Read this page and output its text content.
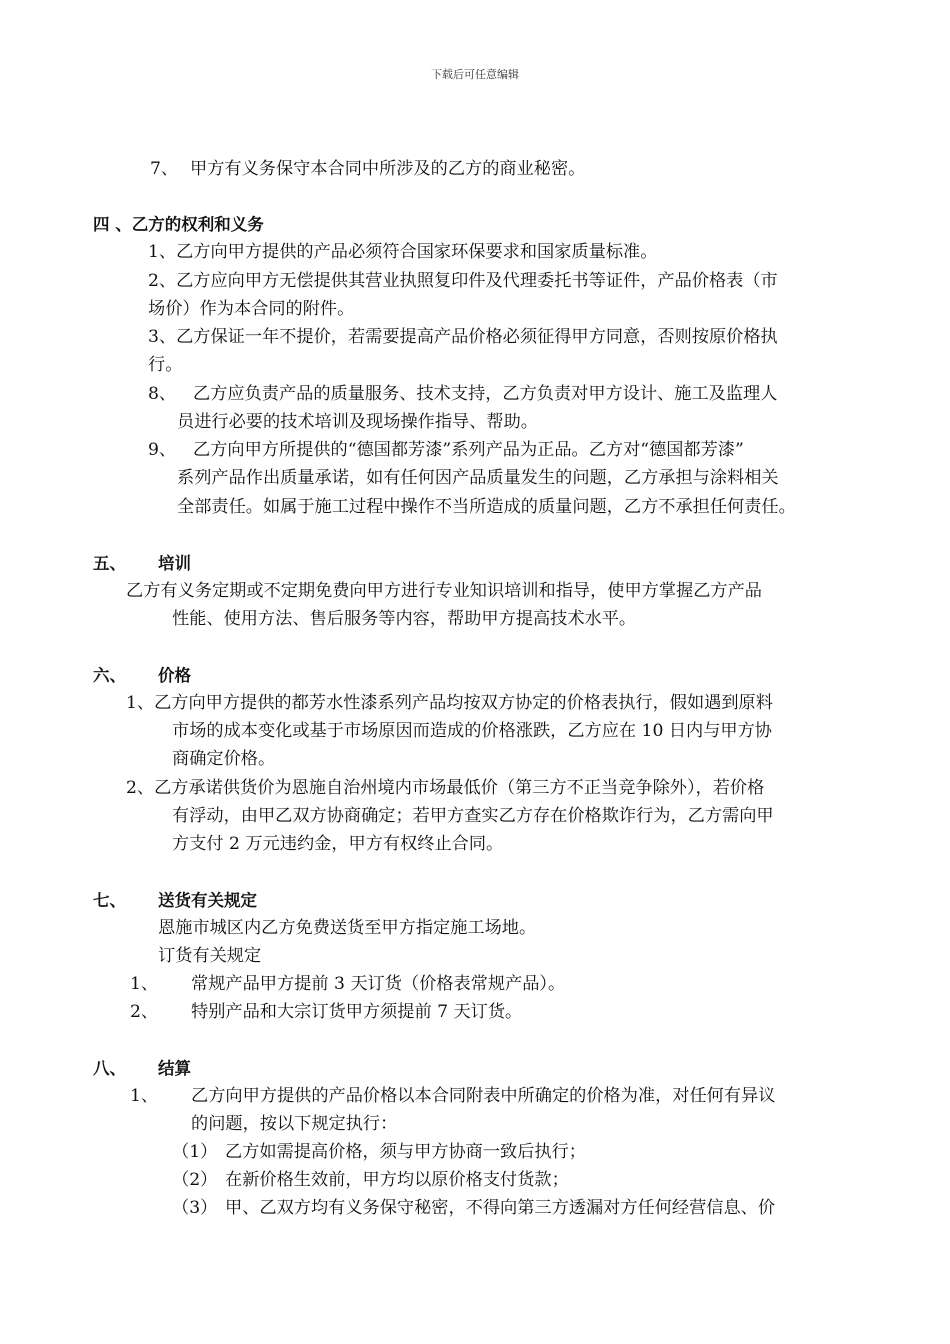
下载后可任意编辑
7、 甲方有义务保守本合同中所涉及的乙方的商业秘密。
四 、乙方的权利和义务
1、乙方向甲方提供的产品必须符合国家环保要求和国家质量标准。
2、乙方应向甲方无偿提供其营业执照复印件及代理委托书等证件，产品价格表（市
场价）作为本合同的附件。
3、乙方保证一年不提价，若需要提高产品价格必须征得甲方同意，否则按原价格执
行。
8、 乙方应负责产品的质量服务、技术支持，乙方负责对甲方设计、施工及监理人
员进行必要的技术培训及现场操作指导、帮助。
9、 乙方向甲方所提供的“德国都芳漆”系列产品为正品。乙方对“德国都芳漆”
系列产品作出质量承诺，如有任何因产品质量发生的问题，乙方承担与涂料相关
全部责任。如属于施工过程中操作不当所造成的质量问题，乙方不承担任何责任。
五、 培训
乙方有义务定期或不定期免费向甲方进行专业知识培训和指导，使甲方掌握乙方产品
性能、使用方法、售后服务等内容，帮助甲方提高技术水平。
六、 价格
1、乙方向甲方提供的都芳水性漆系列产品均按双方协定的价格表执行，假如遇到原料
市场的成本变化或基于市场原因而造成的价格涨跌，乙方应在 10 日内与甲方协
商确定价格。
2、乙方承诺供货价为恩施自治州境内市场最低价（第三方不正当竞争除外），若价格
有浮动，由甲乙双方协商确定；若甲方查实乙方存在价格欺诈行为，乙方需向甲
方支付 2 万元违约金，甲方有权终止合同。
七、 送货有关规定
恩施市城区内乙方免费送货至甲方指定施工场地。
订货有关规定
1、 常规产品甲方提前 3 天订货（价格表常规产品）。
2、 特别产品和大宗订货甲方须提前 7 天订货。
八、 结算
1、 乙方向甲方提供的产品价格以本合同附表中所确定的价格为准，对任何有异议
的问题，按以下规定执行：
（1） 乙方如需提高价格，须与甲方协商一致后执行；
（2） 在新价格生效前，甲方均以原价格支付货款；
（3） 甲、乙双方均有义务保守秘密，不得向第三方透漏对方任何经营信息、价
